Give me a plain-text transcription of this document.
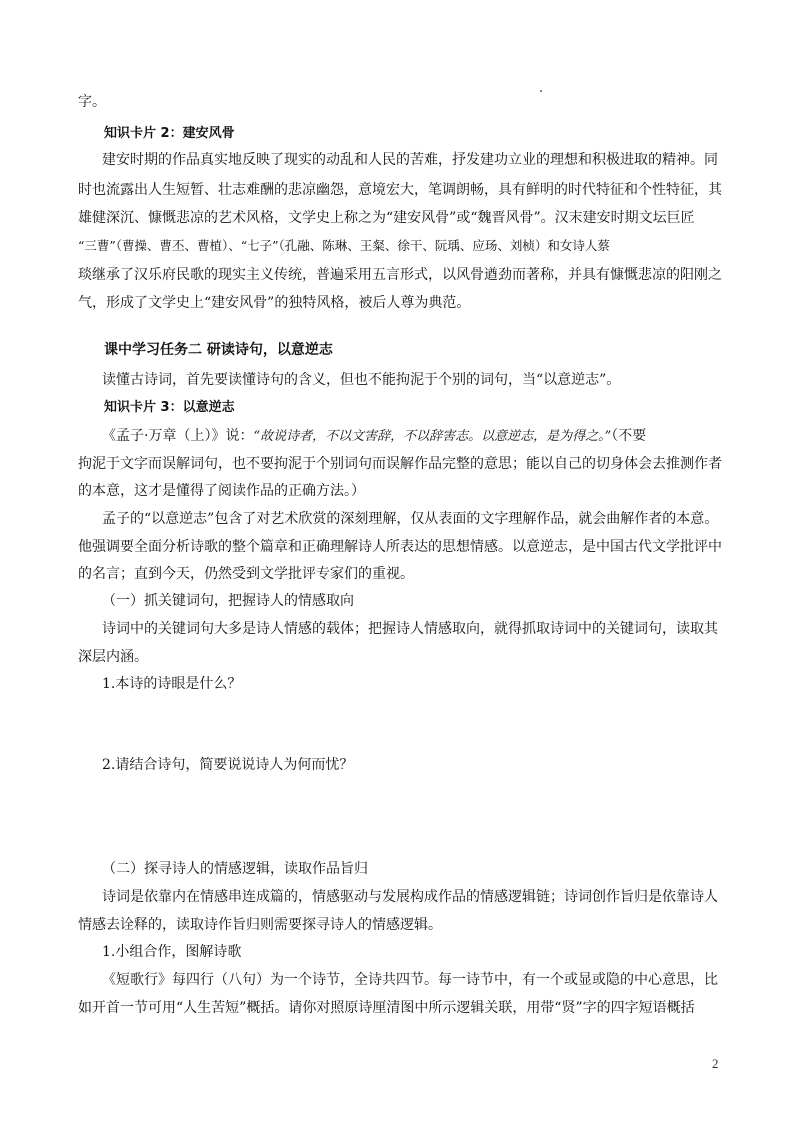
字。
知识卡片 2：建安风骨
建安时期的作品真实地反映了现实的动乱和人民的苦难，抒发建功立业的理想和积极进取的精神。同
时也流露出人生短暂、壮志难酬的悲凉幽怨，意境宏大，笔调朗畅，具有鲜明的时代特征和个性特征，其
雄健深沉、慷慨悲凉的艺术风格，文学史上称之为“建安风骨”或“魏晋风骨”。汉末建安时期文坛巨匠
“三曹”（曹操、曹丕、曹植）、“七子”（孔融、陈琳、王粲、徐干、阮瑀、应玚、刘桢）和女诗人蔡
琰继承了汉乐府民歌的现实主义传统，普遍采用五言形式，以风骨遒劲而著称，并具有慷慨悲凉的阳刚之
气，形成了文学史上“建安风骨”的独特风格，被后人尊为典范。
课中学习任务二 研读诗句，以意逆志
读懂古诗词，首先要读懂诗句的含义，但也不能拘泥于个别的词句，当“以意逆志”。
知识卡片 3：以意逆志
《孟子·万章（上）》说：“故说诗者，不以文害辞，不以辞害志。以意逆志，是为得之。”（不要
拘泥于文字而误解词句，也不要拘泥于个别词句而误解作品完整的意思；能以自己的切身体会去推测作者
的本意，这才是懂得了阅读作品的正确方法。）
孟子的“以意逆志”包含了对艺术欣赏的深刻理解，仅从表面的文字理解作品，就会曲解作者的本意。
他强调要全面分析诗歌的整个篇章和正确理解诗人所表达的思想情感。以意逆志，是中国古代文学批评中
的名言；直到今天，仍然受到文学批评专家们的重视。
（一）抓关键词句，把握诗人的情感取向
诗词中的关键词句大多是诗人情感的载体；把握诗人情感取向，就得抓取诗词中的关键词句，读取其
深层内涵。
1.本诗的诗眼是什么？
2.请结合诗句，简要说说诗人为何而忧？
（二）探寻诗人的情感逻辑，读取作品旨归
诗词是依靠内在情感串连成篇的，情感驱动与发展构成作品的情感逻辑链；诗词创作旨归是依靠诗人
情感去诠释的，读取诗作旨归则需要探寻诗人的情感逻辑。
1.小组合作，图解诗歌
《短歌行》每四行（八句）为一个诗节，全诗共四节。每一诗节中，有一个或显或隐的中心意思，比
如开首一节可用“人生苦短”概括。请你对照原诗厘清图中所示逻辑关联，用带“贤”字的四字短语概括
2
